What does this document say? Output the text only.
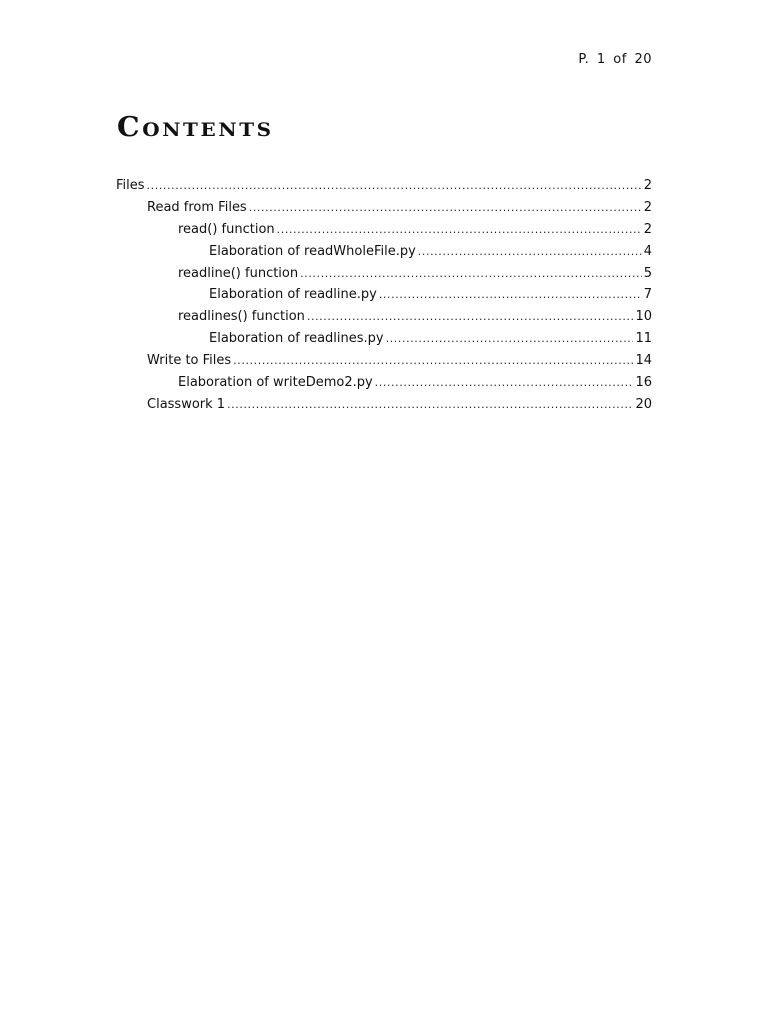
P. 1 of 20
Contents
Files .....	2
Read from Files .....	2
read() function .....	2
Elaboration of readWholeFile.py .....	4
readline() function .....	5
Elaboration of readline.py .....	7
readlines() function .....	10
Elaboration of readlines.py .....	11
Write to Files .....	14
Elaboration of writeDemo2.py .....	16
Classwork 1 .....	20
